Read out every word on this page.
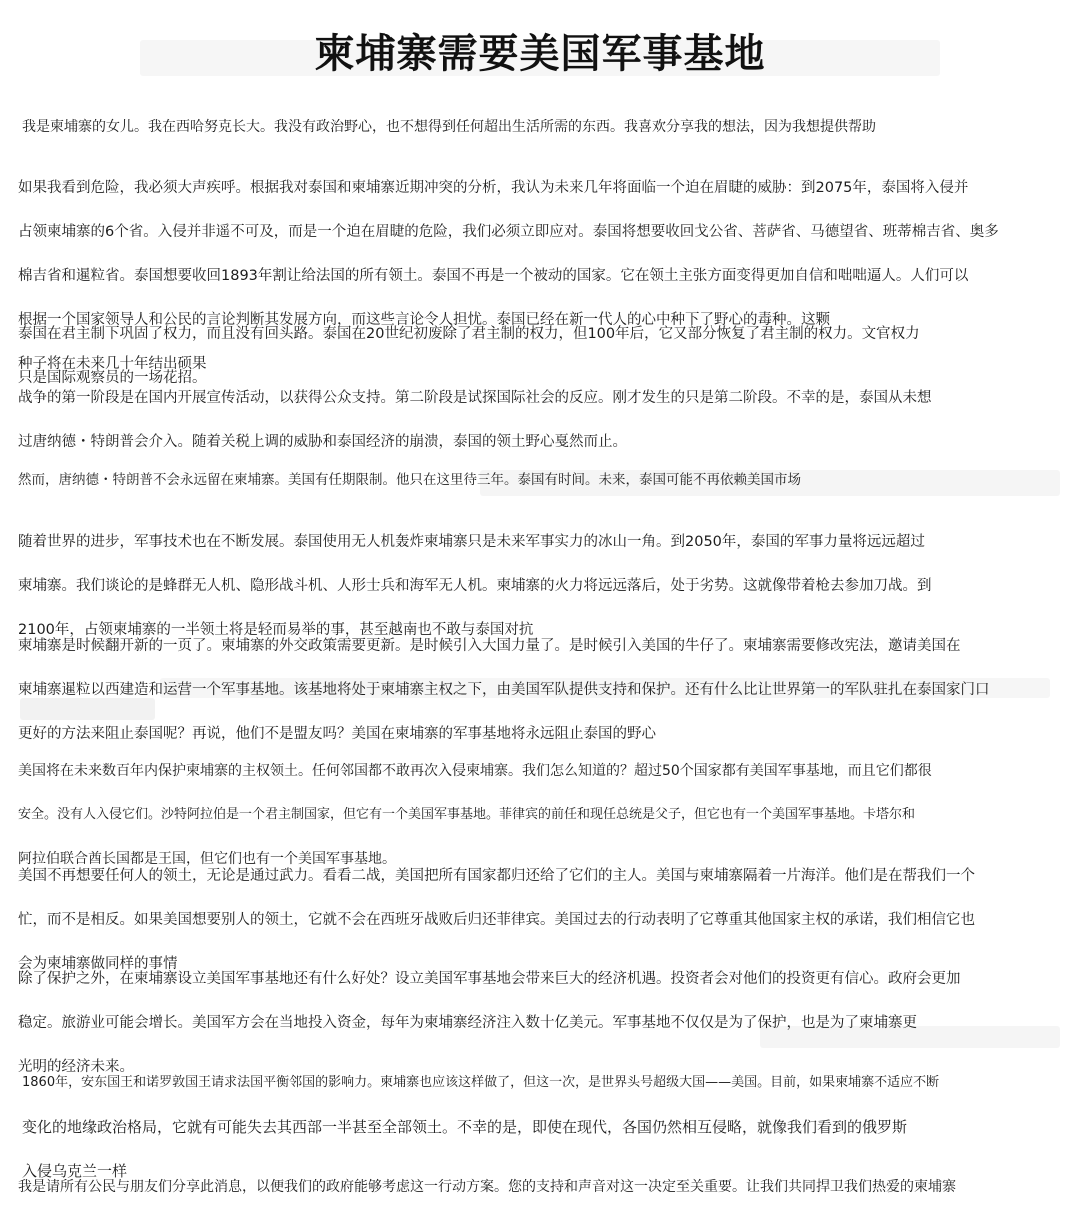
柬埔寨需要美国军事基地

我是柬埔寨的女儿。我在西哈努克长大。我没有政治野心，也不想得到任何超出生活所需的东西。我喜欢分享我的想法，因为我想提供帮助

如果我看到危险，我必须大声疾呼。根据我对泰国和柬埔寨近期冲突的分析，我认为未来几年将面临一个迫在眉睫的威胁：到2075年，泰国将入侵并

占领柬埔寨的6个省。入侵并非遥不可及，而是一个迫在眉睫的危险，我们必须立即应对。泰国将想要收回戈公省、菩萨省、马德望省、班蒂棉吉省、奥多

棉吉省和暹粒省。泰国想要收回1893年割让给法国的所有领土。泰国不再是一个被动的国家。它在领土主张方面变得更加自信和咄咄逼人。人们可以

根据一个国家领导人和公民的言论判断其发展方向，而这些言论令人担忧。泰国已经在新一代人的心中种下了野心的毒种。这颗

种子将在未来几十年结出硕果

泰国在君主制下巩固了权力，而且没有回头路。泰国在20世纪初废除了君主制的权力，但100年后，它又部分恢复了君主制的权力。文官权力

只是国际观察员的一场花招。

战争的第一阶段是在国内开展宣传活动，以获得公众支持。第二阶段是试探国际社会的反应。刚才发生的只是第二阶段。不幸的是，泰国从未想

过唐纳德・特朗普会介入。随着关税上调的威胁和泰国经济的崩溃，泰国的领土野心戛然而止。

然而，唐纳德・特朗普不会永远留在柬埔寨。美国有任期限制。他只在这里待三年。泰国有时间。未来，泰国可能不再依赖美国市场

随着世界的进步，军事技术也在不断发展。泰国使用无人机轰炸柬埔寨只是未来军事实力的冰山一角。到2050年，泰国的军事力量将远远超过

柬埔寨。我们谈论的是蜂群无人机、隐形战斗机、人形士兵和海军无人机。柬埔寨的火力将远远落后，处于劣势。这就像带着枪去参加刀战。到

2100年，占领柬埔寨的一半领土将是轻而易举的事，甚至越南也不敢与泰国对抗

柬埔寨是时候翻开新的一页了。柬埔寨的外交政策需要更新。是时候引入大国力量了。是时候引入美国的牛仔了。柬埔寨需要修改宪法，邀请美国在

柬埔寨暹粒以西建造和运营一个军事基地。该基地将处于柬埔寨主权之下，由美国军队提供支持和保护。还有什么比让世界第一的军队驻扎在泰国家门口

更好的方法来阻止泰国呢？再说，他们不是盟友吗？美国在柬埔寨的军事基地将永远阻止泰国的野心

美国将在未来数百年内保护柬埔寨的主权领土。任何邻国都不敢再次入侵柬埔寨。我们怎么知道的？超过50个国家都有美国军事基地，而且它们都很

安全。没有人入侵它们。沙特阿拉伯是一个君主制国家，但它有一个美国军事基地。菲律宾的前任和现任总统是父子，但它也有一个美国军事基地。卡塔尔和

阿拉伯联合酋长国都是王国，但它们也有一个美国军事基地。

美国不再想要任何人的领土，无论是通过武力。看看二战，美国把所有国家都归还给了它们的主人。美国与柬埔寨隔着一片海洋。他们是在帮我们一个

忙，而不是相反。如果美国想要别人的领土，它就不会在西班牙战败后归还菲律宾。美国过去的行动表明了它尊重其他国家主权的承诺，我们相信它也

会为柬埔寨做同样的事情

除了保护之外，在柬埔寨设立美国军事基地还有什么好处？设立美国军事基地会带来巨大的经济机遇。投资者会对他们的投资更有信心。政府会更加

稳定。旅游业可能会增长。美国军方会在当地投入资金，每年为柬埔寨经济注入数十亿美元。军事基地不仅仅是为了保护，也是为了柬埔寨更

光明的经济未来。

1860年，安东国王和诺罗敦国王请求法国平衡邻国的影响力。柬埔寨也应该这样做了，但这一次，是世界头号超级大国——美国。目前，如果柬埔寨不适应不断

变化的地缘政治格局，它就有可能失去其西部一半甚至全部领土。不幸的是，即使在现代，各国仍然相互侵略，就像我们看到的俄罗斯

入侵乌克兰一样

我是请所有公民与朋友们分享此消息，以便我们的政府能够考虑这一行动方案。您的支持和声音对这一决定至关重要。让我们共同捍卫我们热爱的柬埔寨
